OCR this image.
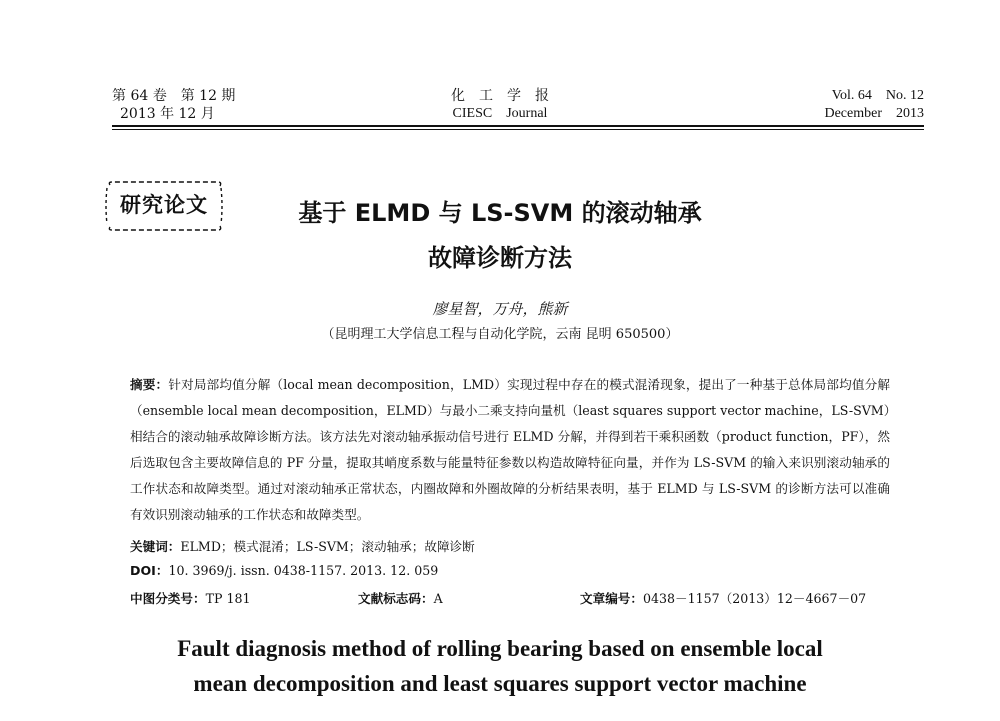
第 64 卷　第 12 期
2013 年 12 月
化　工　学　报
CIESC　Journal
Vol. 64　No. 12
December　2013
研究论文	基于 ELMD 与 LS-SVM 的滚动轴承
故障诊断方法
廖星智，万舟，熊新
（昆明理工大学信息工程与自动化学院，云南 昆明 650500）
摘要：针对局部均值分解（local mean decomposition，LMD）实现过程中存在的模式混淆现象，提出了一种基于总体局部均值分解（ensemble local mean decomposition，ELMD）与最小二乘支持向量机（least squares support vector machine，LS-SVM）相结合的滚动轴承故障诊断方法。该方法先对滚动轴承振动信号进行 ELMD 分解，并得到若干乘积函数（product function，PF），然后选取包含主要故障信息的 PF 分量，提取其峭度系数与能量特征参数以构造故障特征向量，并作为 LS-SVM 的输入来识别滚动轴承的工作状态和故障类型。通过对滚动轴承正常状态，内圈故障和外圈故障的分析结果表明，基于 ELMD 与 LS-SVM 的诊断方法可以准确有效识别滚动轴承的工作状态和故障类型。
关键词：ELMD；模式混淆；LS-SVM；滚动轴承；故障诊断
DOI：10. 3969/j. issn. 0438-1157. 2013. 12. 059
中图分类号：TP 181	文献标志码：A	文章编号：0438－1157（2013）12－4667－07
Fault diagnosis method of rolling bearing based on ensemble local
mean decomposition and least squares support vector machine
